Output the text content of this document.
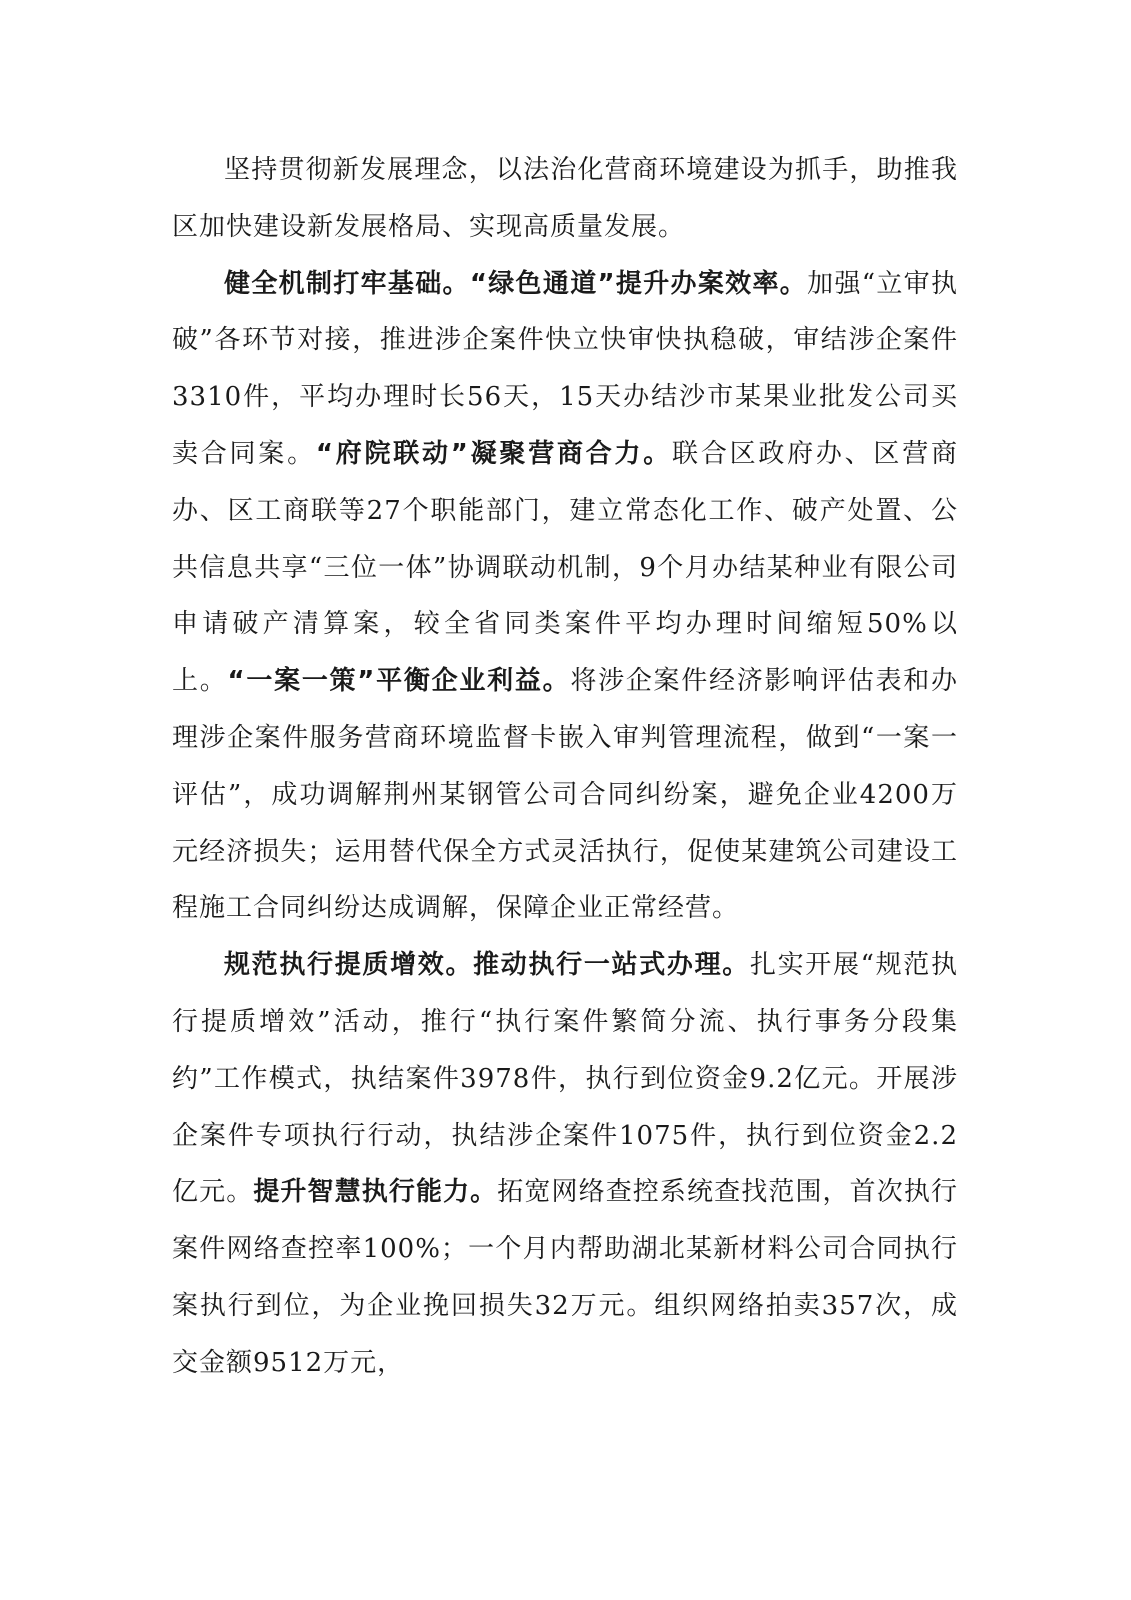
坚持贯彻新发展理念，以法治化营商环境建设为抓手，助推我区加快建设新发展格局、实现高质量发展。

健全机制打牢基础。“绿色通道”提升办案效率。加强“立审执破”各环节对接，推进涉企案件快立快审快执稳破，审结涉企案件3310件，平均办理时长56天，15天办结沙市某果业批发公司买卖合同案。“府院联动”凝聚营商合力。联合区政府办、区营商办、区工商联等27个职能部门，建立常态化工作、破产处置、公共信息共享“三位一体”协调联动机制，9个月办结某种业有限公司申请破产清算案，较全省同类案件平均办理时间缩短50%以上。“一案一策”平衡企业利益。将涉企案件经济影响评估表和办理涉企案件服务营商环境监督卡嵌入审判管理流程，做到“一案一评估”，成功调解荆州某钢管公司合同纠纷案，避免企业4200万元经济损失；运用替代保全方式灵活执行，促使某建筑公司建设工程施工合同纠纷达成调解，保障企业正常经营。

规范执行提质增效。推动执行一站式办理。扎实开展“规范执行提质增效”活动，推行“执行案件繁简分流、执行事务分段集约”工作模式，执结案件3978件，执行到位资金9.2亿元。开展涉企案件专项执行行动，执结涉企案件1075件，执行到位资金2.2亿元。提升智慧执行能力。拓宽网络查控系统查找范围，首次执行案件网络查控率100%；一个月内帮助湖北某新材料公司合同执行案执行到位，为企业挽回损失32万元。组织网络拍卖357次，成交金额9512万元，
